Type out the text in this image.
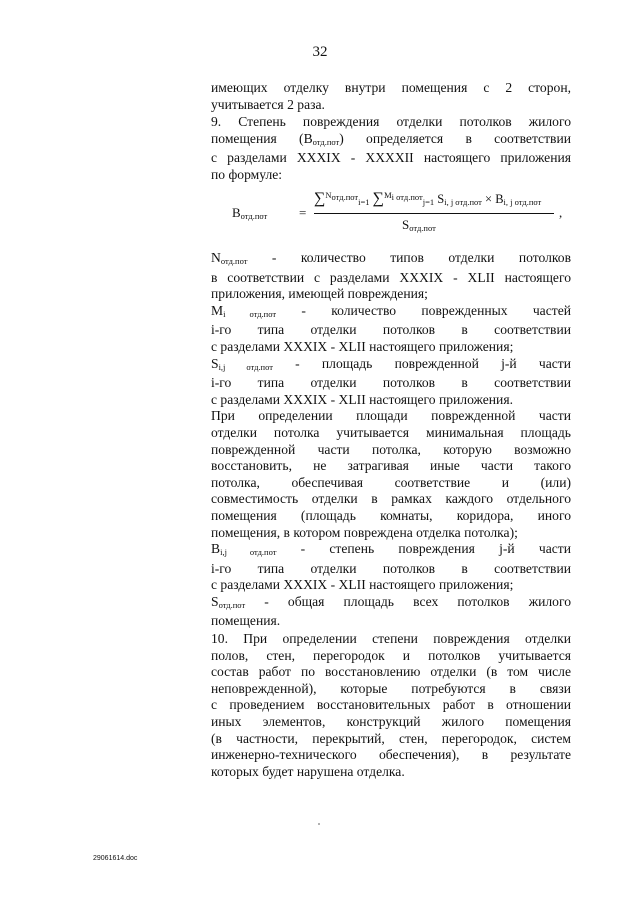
32
имеющих отделку внутри помещения с 2 сторон,
учитывается 2 раза.
9. Степень повреждения отделки потолков жилого
помещения $(В_{отд.пот})$ определяется в соответствии
с разделами XXXIX - XXXXII настоящего приложения
по формуле:
$В_{отд.пот}$ =
∑$^{N_{отд.пот}}_{i=1}$ ∑$^{M_{i отд.пот}}_{j=1}$ $S_{i, j отд.пот} \times B_{i, j отд.пот}$
$S_{отд.пот}$
,
$N_{отд.пот}$ - количество типов отделки потолков
в соответствии с разделами XXXIX - XLII настоящего
приложения, имеющей повреждения;
$M_{i отд.пот}$ - количество поврежденных частей
i-го типа отделки потолков в соответствии
с разделами XXXIX - XLII настоящего приложения;
$S_{i,j отд.пот}$ - площадь поврежденной j-й части
i-го типа отделки потолков в соответствии
с разделами XXXIX - XLII настоящего приложения.
При определении площади поврежденной части
отделки потолка учитывается минимальная площадь
поврежденной части потолка, которую возможно
восстановить, не затрагивая иные части такого
потолка, обеспечивая соответствие и (или)
совместимость отделки в рамках каждого отдельного
помещения (площадь комнаты, коридора, иного
помещения, в котором повреждена отделка потолка);
$B_{i,j отд.пот}$ - степень повреждения j-й части
i-го типа отделки потолков в соответствии
с разделами XXXIX - XLII настоящего приложения;
$S_{отд.пот}$ - общая площадь всех потолков жилого
помещения.
10. При определении степени повреждения отделки
полов, стен, перегородок и потолков учитывается
состав работ по восстановлению отделки (в том числе
неповрежденной), которые потребуются в связи
с проведением восстановительных работ в отношении
иных элементов, конструкций жилого помещения
(в частности, перекрытий, стен, перегородок, систем
инженерно-технического обеспечения), в результате
которых будет нарушена отделка.
29061614.doc
